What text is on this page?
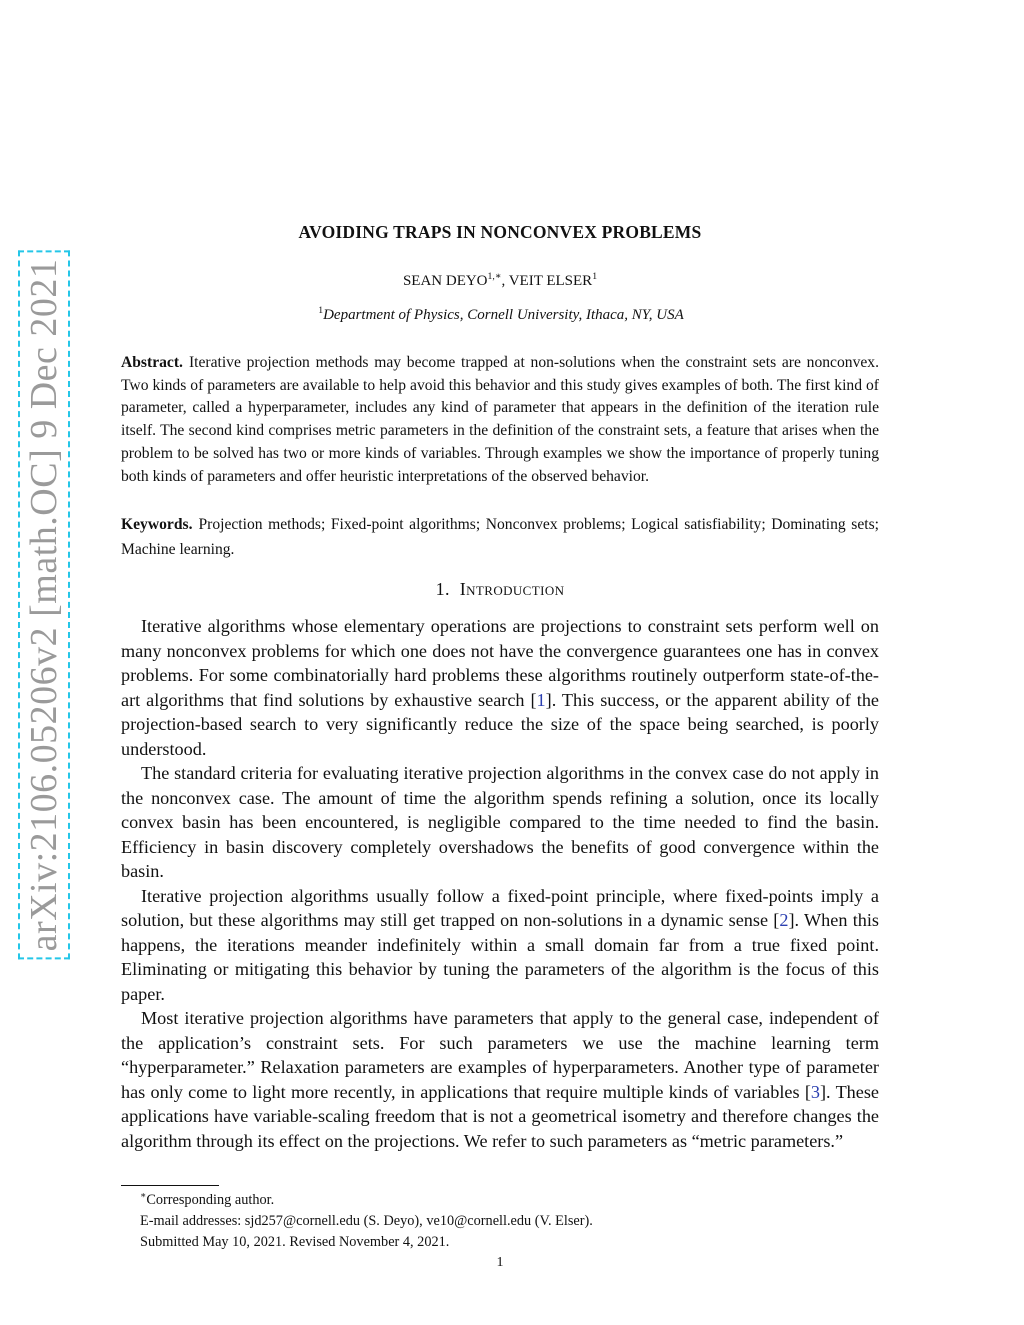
arXiv:2106.05206v2 [math.OC] 9 Dec 2021
AVOIDING TRAPS IN NONCONVEX PROBLEMS
SEAN $DEYO^{1,∗}$, VEIT ELSER$^1$
$^1$Department of Physics, Cornell University, Ithaca, NY, USA
Abstract. Iterative projection methods may become trapped at non-solutions when the constraint sets are nonconvex. Two kinds of parameters are available to help avoid this behavior and this study gives examples of both. The first kind of parameter, called a hyperparameter, includes any kind of parameter that appears in the definition of the iteration rule itself. The second kind comprises metric parameters in the definition of the constraint sets, a feature that arises when the problem to be solved has two or more kinds of variables. Through examples we show the importance of properly tuning both kinds of parameters and offer heuristic interpretations of the observed behavior.
Keywords. Projection methods; Fixed-point algorithms; Nonconvex problems; Logical satisfiability; Dominating sets; Machine learning.
1. Introduction

Iterative algorithms whose elementary operations are projections to constraint sets perform well on many nonconvex problems for which one does not have the convergence guarantees one has in convex problems. For some combinatorially hard problems these algorithms routinely outperform state-of-the-art algorithms that find solutions by exhaustive search [1]. This success, or the apparent ability of the projection-based search to very significantly reduce the size of the space being searched, is poorly understood.

The standard criteria for evaluating iterative projection algorithms in the convex case do not apply in the nonconvex case. The amount of time the algorithm spends refining a solution, once its locally convex basin has been encountered, is negligible compared to the time needed to find the basin. Efficiency in basin discovery completely overshadows the benefits of good convergence within the basin.

Iterative projection algorithms usually follow a fixed-point principle, where fixed-points imply a solution, but these algorithms may still get trapped on non-solutions in a dynamic sense [2]. When this happens, the iterations meander indefinitely within a small domain far from a true fixed point. Eliminating or mitigating this behavior by tuning the parameters of the algorithm is the focus of this paper.

Most iterative projection algorithms have parameters that apply to the general case, independent of the application’s constraint sets. For such parameters we use the machine learning term “hyperparameter.” Relaxation parameters are examples of hyperparameters. Another type of parameter has only come to light more recently, in applications that require multiple kinds of variables [3]. These applications have variable-scaling freedom that is not a geometrical isometry and therefore changes the algorithm through its effect on the projections. We refer to such parameters as “metric parameters.”

∗Corresponding author.
E-mail addresses: sjd257@cornell.edu (S. Deyo), ve10@cornell.edu (V. Elser).
Submitted May 10, 2021. Revised November 4, 2021.
1
